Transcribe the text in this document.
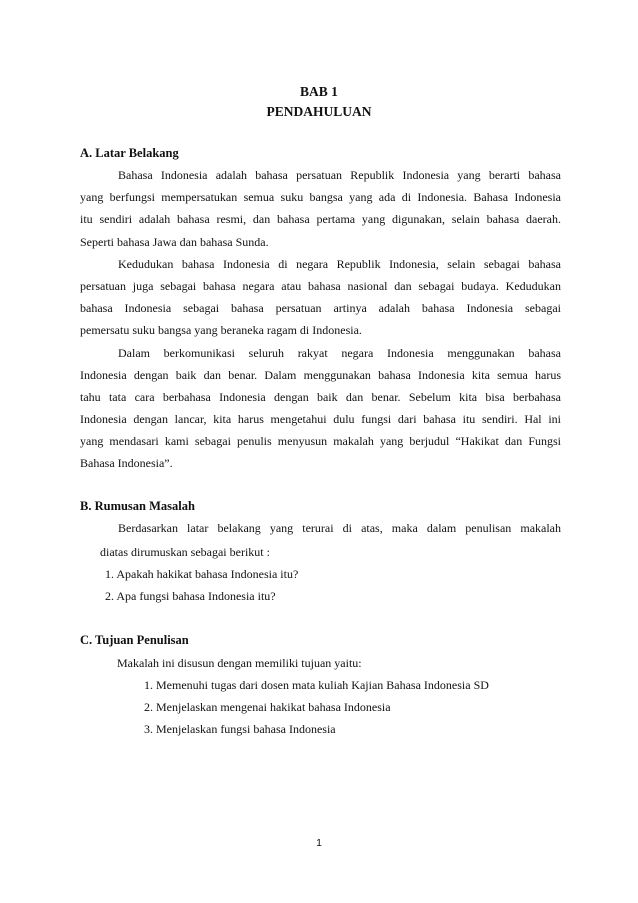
BAB 1
PENDAHULUAN
A. Latar Belakang
Bahasa Indonesia adalah bahasa persatuan Republik Indonesia yang berarti bahasa
yang berfungsi mempersatukan semua suku bangsa yang ada di Indonesia. Bahasa Indonesia
itu sendiri adalah bahasa resmi, dan bahasa pertama yang digunakan, selain bahasa daerah.
Seperti bahasa Jawa dan bahasa Sunda.
Kedudukan bahasa Indonesia di negara Republik Indonesia, selain sebagai bahasa
persatuan juga sebagai bahasa negara atau bahasa nasional dan sebagai budaya. Kedudukan
bahasa Indonesia sebagai bahasa persatuan artinya adalah bahasa Indonesia sebagai
pemersatu suku bangsa yang beraneka ragam di Indonesia.
Dalam berkomunikasi seluruh rakyat negara Indonesia menggunakan bahasa
Indonesia dengan baik dan benar. Dalam menggunakan bahasa Indonesia kita semua harus
tahu tata cara berbahasa Indonesia dengan baik dan benar. Sebelum kita bisa berbahasa
Indonesia dengan lancar, kita harus mengetahui dulu fungsi dari bahasa itu sendiri. Hal ini
yang mendasari kami sebagai penulis menyusun makalah yang berjudul “Hakikat dan Fungsi
Bahasa Indonesia”.
B. Rumusan Masalah
Berdasarkan latar belakang yang terurai di atas, maka dalam penulisan makalah
diatas dirumuskan sebagai berikut :
1. Apakah hakikat bahasa Indonesia itu?
2. Apa fungsi bahasa Indonesia itu?
C. Tujuan Penulisan
Makalah ini disusun dengan memiliki tujuan yaitu:
1. Memenuhi tugas dari dosen mata kuliah Kajian Bahasa Indonesia SD
2. Menjelaskan mengenai hakikat bahasa Indonesia
3. Menjelaskan fungsi bahasa Indonesia
1
